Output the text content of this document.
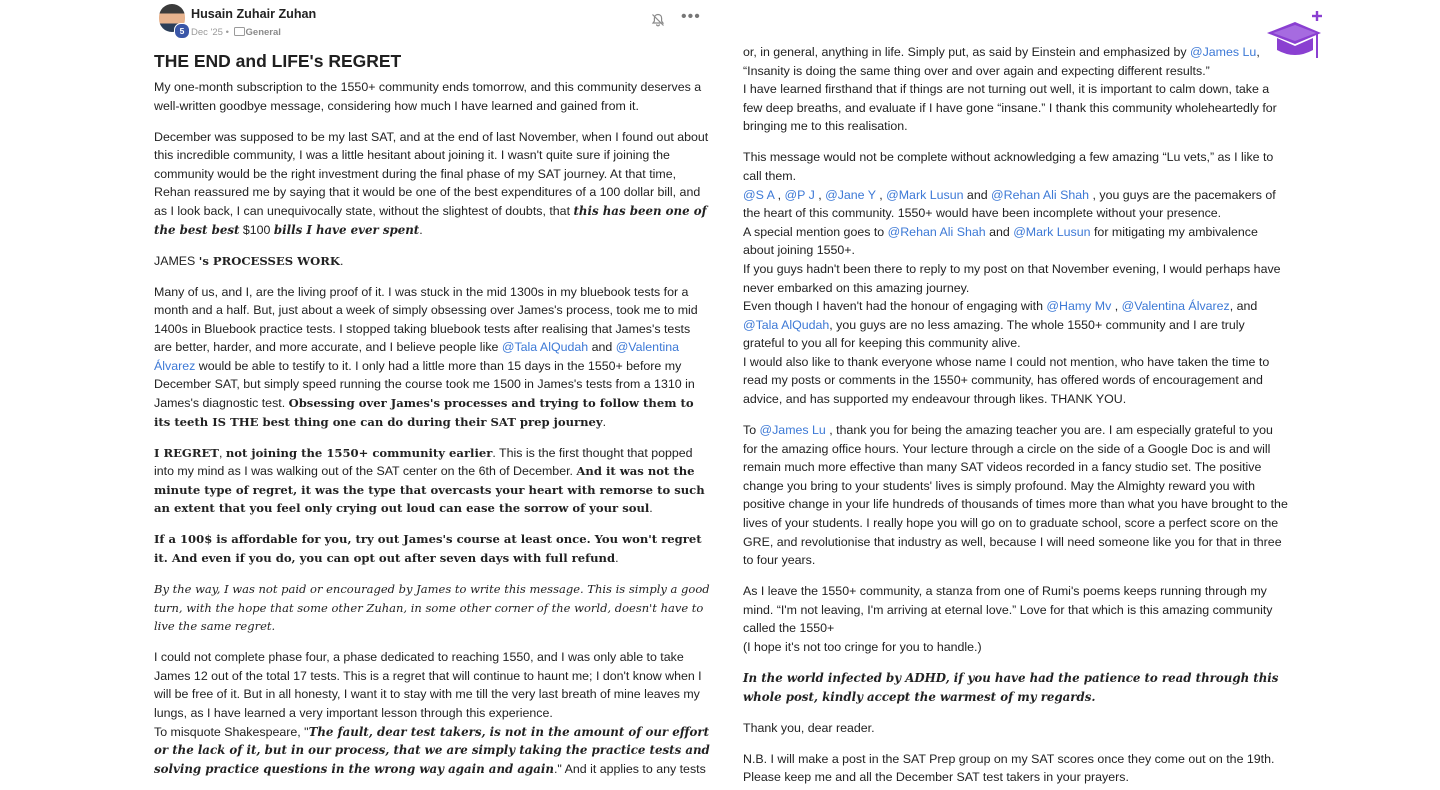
5
Husain Zuhair Zuhan
Dec '25 • General
•••
THE END and LIFE's REGRET

My one-month subscription to the 1550+ community ends tomorrow, and this community deserves a well-written goodbye message, considering how much I have learned and gained from it.

December was supposed to be my last SAT, and at the end of last November, when I found out about this incredible community, I was a little hesitant about joining it. I wasn't quite sure if joining the community would be the right investment during the final phase of my SAT journey. At that time, Rehan reassured me by saying that it would be one of the best expenditures of a 100 dollar bill, and as I look back, I can unequivocally state, without the slightest of doubts, that this has been one of the best best $100 bills I have ever spent.

JAMES 's PROCESSES WORK.

Many of us, and I, are the living proof of it. I was stuck in the mid 1300s in my bluebook tests for a month and a half. But, just about a week of simply obsessing over James's process, took me to mid 1400s in Bluebook practice tests. I stopped taking bluebook tests after realising that James's tests are better, harder, and more accurate, and I believe people like @Tala AlQudah and @Valentina Álvarez would be able to testify to it. I only had a little more than 15 days in the 1550+ before my December SAT, but simply speed running the course took me 1500 in James's tests from a 1310 in James's diagnostic test. Obsessing over James's processes and trying to follow them to its teeth IS THE best thing one can do during their SAT prep journey.

I REGRET, not joining the 1550+ community earlier. This is the first thought that popped into my mind as I was walking out of the SAT center on the 6th of December. And it was not the minute type of regret, it was the type that overcasts your heart with remorse to such an extent that you feel only crying out loud can ease the sorrow of your soul.

If a 100$ is affordable for you, try out James's course at least once. You won't regret it. And even if you do, you can opt out after seven days with full refund.

By the way, I was not paid or encouraged by James to write this message. This is simply a good turn, with the hope that some other Zuhan, in some other corner of the world, doesn't have to live the same regret.

I could not complete phase four, a phase dedicated to reaching 1550, and I was only able to take James 12 out of the total 17 tests. This is a regret that will continue to haunt me; I don't know when I will be free of it. But in all honesty, I want it to stay with me till the very last breath of mine leaves my lungs, as I have learned a very important lesson through this experience.

To misquote Shakespeare, "The fault, dear test takers, is not in the amount of our effort or the lack of it, but in our process, that we are simply taking the practice tests and solving practice questions in the wrong way again and again." And it applies to any tests

or, in general, anything in life. Simply put, as said by Einstein and emphasized by @James Lu, “Insanity is doing the same thing over and over again and expecting different results.”

I have learned firsthand that if things are not turning out well, it is important to calm down, take a few deep breaths, and evaluate if I have gone “insane.” I thank this community wholeheartedly for bringing me to this realisation.

This message would not be complete without acknowledging a few amazing “Lu vets,” as I like to call them.

@S A , @P J , @Jane Y , @Mark Lusun and @Rehan Ali Shah , you guys are the pacemakers of the heart of this community. 1550+ would have been incomplete without your presence.

A special mention goes to @Rehan Ali Shah and @Mark Lusun for mitigating my ambivalence about joining 1550+.

If you guys hadn't been there to reply to my post on that November evening, I would perhaps have never embarked on this amazing journey.

Even though I haven't had the honour of engaging with @Hamy Mv , @Valentina Álvarez, and @Tala AlQudah, you guys are no less amazing. The whole 1550+ community and I are truly grateful to you all for keeping this community alive.

I would also like to thank everyone whose name I could not mention, who have taken the time to read my posts or comments in the 1550+ community, has offered words of encouragement and advice, and has supported my endeavour through likes. THANK YOU.

To @James Lu , thank you for being the amazing teacher you are. I am especially grateful to you for the amazing office hours. Your lecture through a circle on the side of a Google Doc is and will remain much more effective than many SAT videos recorded in a fancy studio set. The positive change you bring to your students' lives is simply profound. May the Almighty reward you with positive change in your life hundreds of thousands of times more than what you have brought to the lives of your students. I really hope you will go on to graduate school, score a perfect score on the GRE, and revolutionise that industry as well, because I will need someone like you for that in three to four years.

As I leave the 1550+ community, a stanza from one of Rumi's poems keeps running through my mind. “I'm not leaving, I'm arriving at eternal love.” Love for that which is this amazing community called the 1550+

(I hope it's not too cringe for you to handle.)

In the world infected by ADHD, if you have had the patience to read through this whole post, kindly accept the warmest of my regards.

Thank you, dear reader.

N.B. I will make a post in the SAT Prep group on my SAT scores once they come out on the 19th. Please keep me and all the December SAT test takers in your prayers.
